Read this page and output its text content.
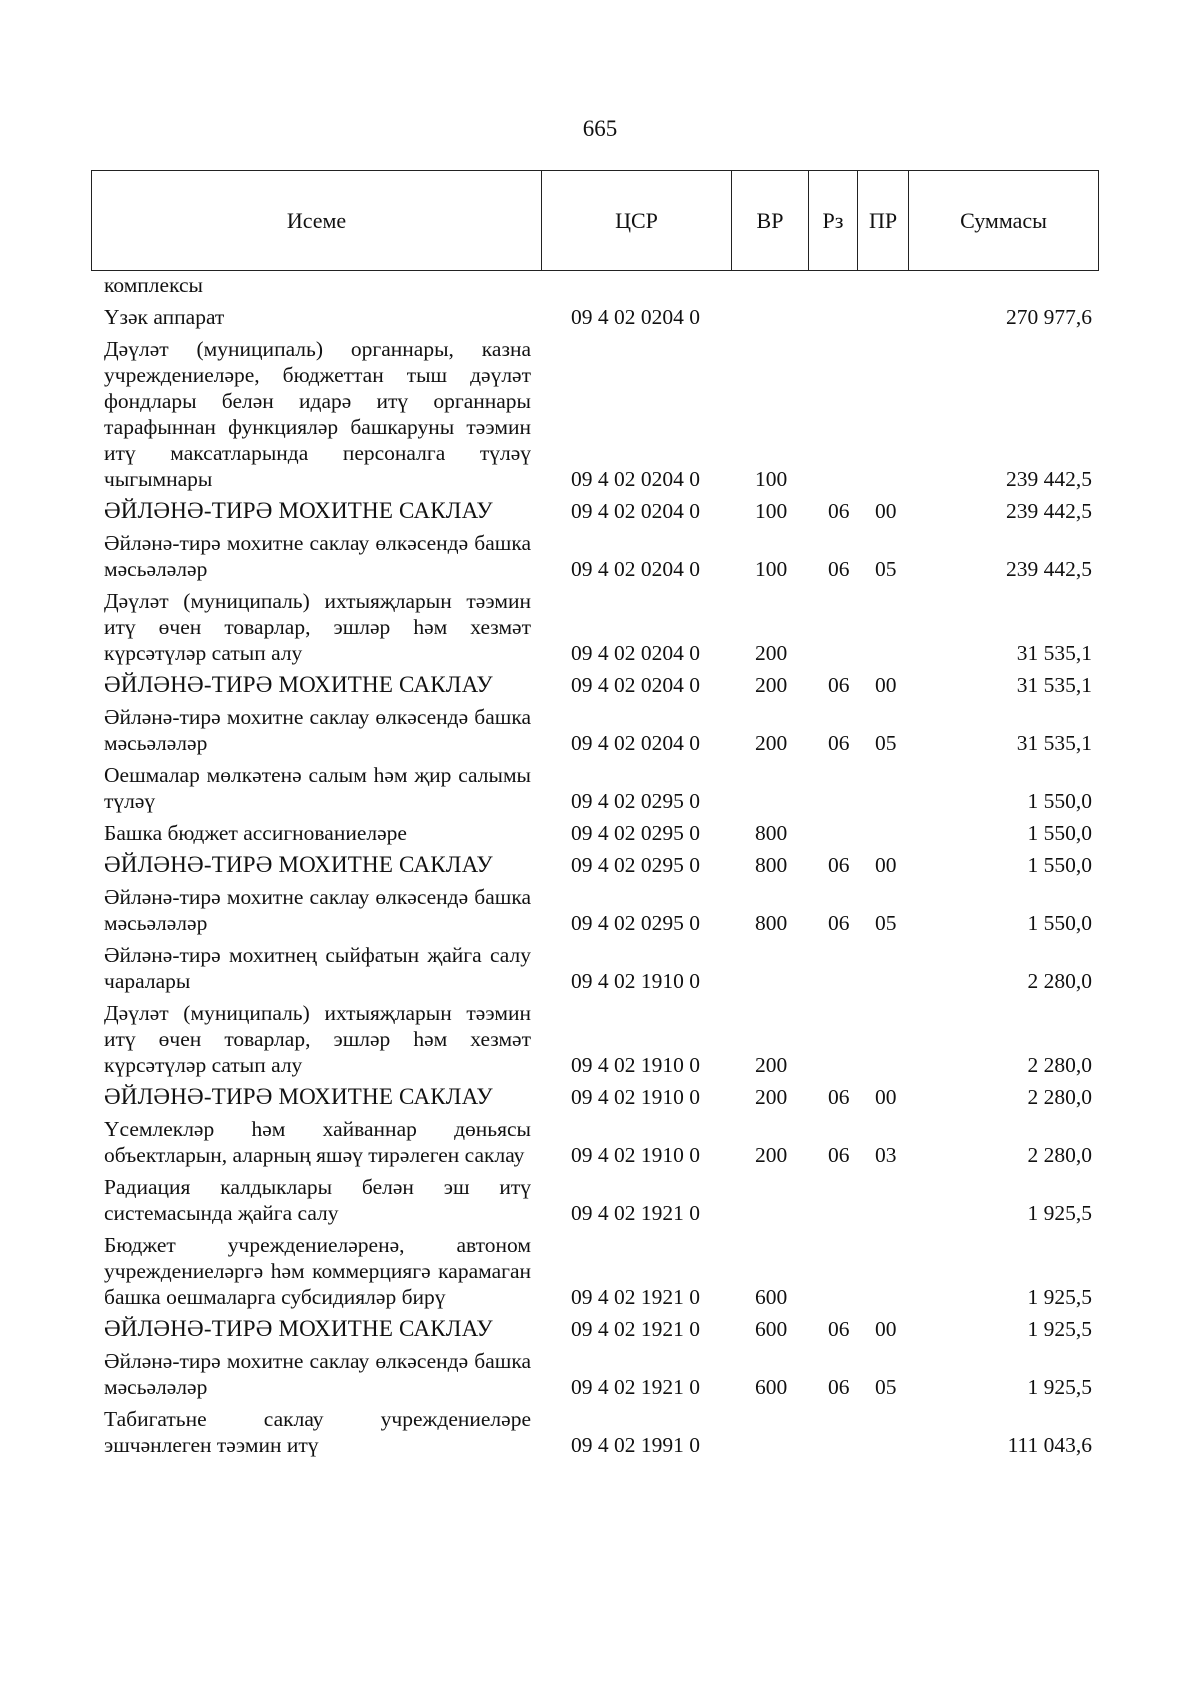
665
Исеме	ЦСР	ВР	Рз	ПР	Суммасы
комплексы					
Үзәк аппарат	09 4 02 0204 0				270 977,6
Дәүләт (муниципаль) органнары, казна учреждениеләре, бюджеттан тыш дәүләт фондлары белән идарә итү органнары тарафыннан функцияләр башкаруны тәэмин итү максатларында персоналга түләү чыгымнары	09 4 02 0204 0	100			239 442,5
ӘЙЛӘНӘ-ТИРӘ МОХИТНЕ САКЛАУ	09 4 02 0204 0	100	06	00	239 442,5
Әйләнә-тирә мохитне саклау өлкәсендә башка мәсьәләләр	09 4 02 0204 0	100	06	05	239 442,5
Дәүләт (муниципаль) ихтыяҗларын тәэмин итү өчен товарлар, эшләр һәм хезмәт күрсәтүләр сатып алу	09 4 02 0204 0	200			31 535,1
ӘЙЛӘНӘ-ТИРӘ МОХИТНЕ САКЛАУ	09 4 02 0204 0	200	06	00	31 535,1
Әйләнә-тирә мохитне саклау өлкәсендә башка мәсьәләләр	09 4 02 0204 0	200	06	05	31 535,1
Оешмалар мөлкәтенә салым һәм җир салымы түләү	09 4 02 0295 0				1 550,0
Башка бюджет ассигнованиеләре	09 4 02 0295 0	800			1 550,0
ӘЙЛӘНӘ-ТИРӘ МОХИТНЕ САКЛАУ	09 4 02 0295 0	800	06	00	1 550,0
Әйләнә-тирә мохитне саклау өлкәсендә башка мәсьәләләр	09 4 02 0295 0	800	06	05	1 550,0
Әйләнә-тирә мохитнең сыйфатын җайга салу чаралары	09 4 02 1910 0				2 280,0
Дәүләт (муниципаль) ихтыяҗларын тәэмин итү өчен товарлар, эшләр һәм хезмәт күрсәтүләр сатып алу	09 4 02 1910 0	200			2 280,0
ӘЙЛӘНӘ-ТИРӘ МОХИТНЕ САКЛАУ	09 4 02 1910 0	200	06	00	2 280,0
Үсемлекләр һәм хайваннар дөньясы объектларын, аларның яшәү тирәлеген саклау	09 4 02 1910 0	200	06	03	2 280,0
Радиация калдыклары белән эш итү системасында җайга салу	09 4 02 1921 0				1 925,5
Бюджет учреждениеләренә, автоном учреждениеләргә һәм коммерциягә карамаган башка оешмаларга субсидияләр бирү	09 4 02 1921 0	600			1 925,5
ӘЙЛӘНӘ-ТИРӘ МОХИТНЕ САКЛАУ	09 4 02 1921 0	600	06	00	1 925,5
Әйләнә-тирә мохитне саклау өлкәсендә башка мәсьәләләр	09 4 02 1921 0	600	06	05	1 925,5
Табигатьне саклау учреждениеләре эшчәнлеген тәэмин итү	09 4 02 1991 0				111 043,6
